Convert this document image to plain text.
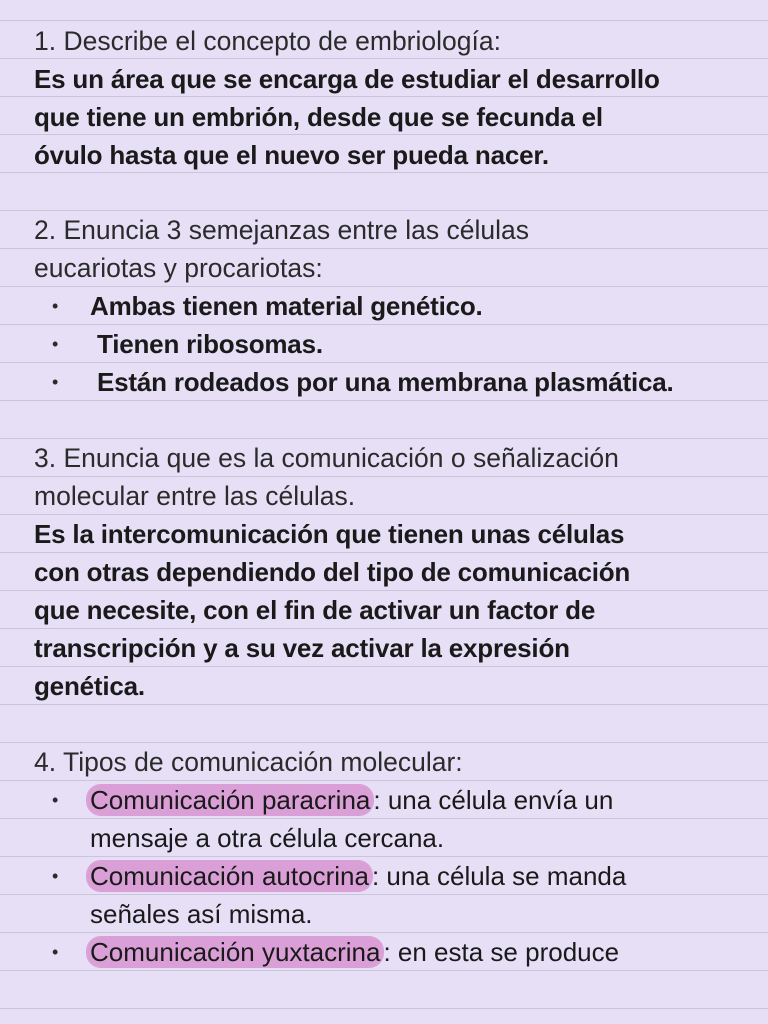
1. Describe el concepto de embriología:
Es un área que se encarga de estudiar el desarrollo
que tiene un embrión, desde que se fecunda el
óvulo hasta que el nuevo ser pueda nacer.
2. Enuncia 3 semejanzas entre las células
eucariotas y procariotas:
• Ambas tienen material genético.
• Tienen ribosomas.
• Están rodeados por una membrana plasmática.
3. Enuncia que es la comunicación o señalización
molecular entre las células.
Es la intercomunicación que tienen unas células
con otras dependiendo del tipo de comunicación
que necesite, con el fin de activar un factor de
transcripción y a su vez activar la expresión
genética.
4. Tipos de comunicación molecular:
• Comunicación paracrina : una célula envía un
mensaje a otra célula cercana.
• Comunicación autocrina : una célula se manda
señales así misma.
• Comunicación yuxtacrina : en esta se produce
